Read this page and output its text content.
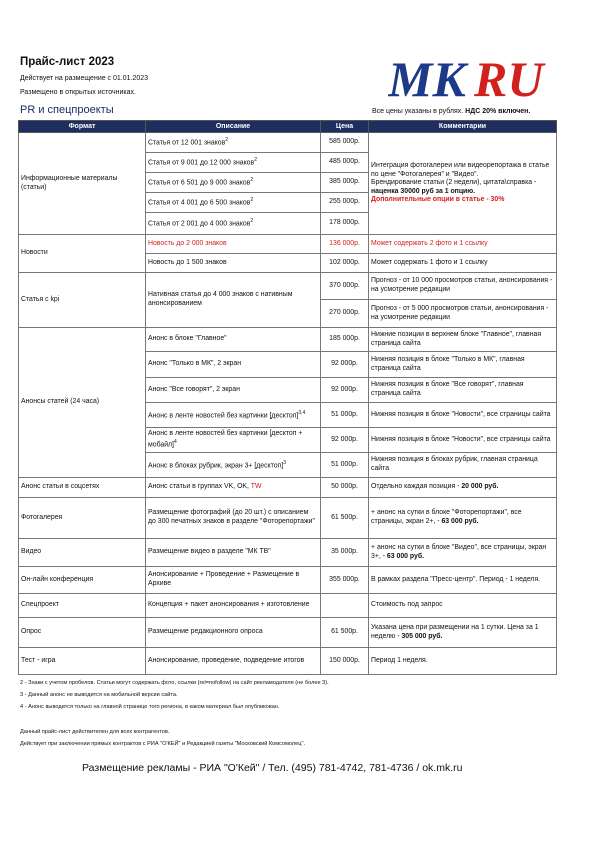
Прайс-лист 2023
Действует на размещение с 01.01.2023
Размещено в открытых источниках.	MK RU
PR и спецпроекты	Все цены указаны в рублях. НДС 20% включен.
Формат	Описание	Цена	Комментарии
Информационные материалы (статьи)	Статья от 12 001 знаков$^2$	585 000р.	Интеграция фотогалереи или видеорепортажа в статье по цене "Фотогалерея" и "Видео".
Брендирование статьи (2 недели), цитата\справка - наценка 30000 руб за 1 опцию.
Дополнительные опции в статье - 30%

	Статья от 9 001 до 12 000 знаков$^2$	485 000р.	
	Статья от 6 501 до 9 000 знаков$^2$	385 000р.	
	Статья от 4 001 до 6 500 знаков$^2$	255 000р.	
	Статья от 2 001 до 4 000 знаков$^2$	178 000р.	
Новости	Новость до 2 000 знаков	136 000р.	Может содержать 2 фото и 1 ссылку
	Новость до 1 500 знаков	102 000р.	Может содержать 1 фото и 1 ссылку
Статья с kpi	Нативная статья до 4 000 знаков с нативным анонсированием	370 000р.	Прогноз - от 10 000 просмотров статьи, анонсирования - на усмотрение редакции
		270 000р.	Прогноз - от 5 000 просмотров статьи, анонсирования - на усмотрение редакции
Анонсы статей (24 часа)	Анонс в блоке "Главное"	185 000р.	Нижние позиции в верхнем блоке "Главное", главная страница сайта
	Анонс "Только в МК", 2 экран	92 000р.	Нижняя позиция в блоке "Только в МК", главная страница сайта
	Анонс "Все говорят", 2 экран	92 000р.	Нижняя позиция в блоке "Все говорят", главная страница сайта
	Анонс в ленте новостей без картинки [десктоп]$^{3,4}$	51 000р.	Нижняя позиция в блоке "Новости", все страницы сайта
	Анонс в ленте новостей без картинки [десктоп + мобайл]$^4$	92 000р.	Нижняя позиция в блоке "Новости", все страницы сайта
	Анонс в блоках рубрик, экран 3+ [десктоп]$^3$	51 000р.	Нижняя позиция в блоках рубрик, главная страница сайта
Анонс статьи в соцсетях	Анонс статьи в группах VK, OK, TW	50 000р.	Отдельно каждая позиция - 20 000 руб.
Фотогалерея	Размещение фотографий (до 20 шт.) с описанием до 300 печатных знаков в разделе "Фоторепортажи"	61 500р.	+ анонс на сутки в блоке "Фоторепортажи", все страницы, экран 2+, - 63 000 руб.
Видео	Размещение видео в разделе "МК ТВ"	35 000р.	+ анонс на сутки в блоке "Видео", все страницы, экран 3+, - 63 000 руб.
Он-лайн конференция	Анонсирование + Проведение + Размещение в Архиве	355 000р.	В рамках раздела "Пресс-центр". Период - 1 неделя.
Спецпроект	Концепция + пакет анонсирования + изготовление		Стоимость под запрос
Опрос	Размещение редакционного опроса	61 500р.	Указана цена при размещении на 1 сутки. Цена за 1 неделю - 305 000 руб.
Тест - игра	Анонсирование, проведение, подведение итогов	150 000р.	Период 1 неделя.
2 - Знаки с учетом пробелов. Статьи могут содержать фото, ссылки (rel=nofollow) на сайт рекламодателя (не более 3).
3 - Данный анонс не выводится на мобильной версии сайта.
4 - Анонс выводится только на главной странице того региона, в каком материал был опубликован.
Данный прайс-лист действителен для всех контрагентов.
Действует при заключении прямых контрактов с РИА "О'КЕЙ" и Редакцией газеты "Московский Комсомолец".
Размещение рекламы - РИА "О'Кей" / Тел. (495) 781-4742, 781-4736 / ok.mk.ru
